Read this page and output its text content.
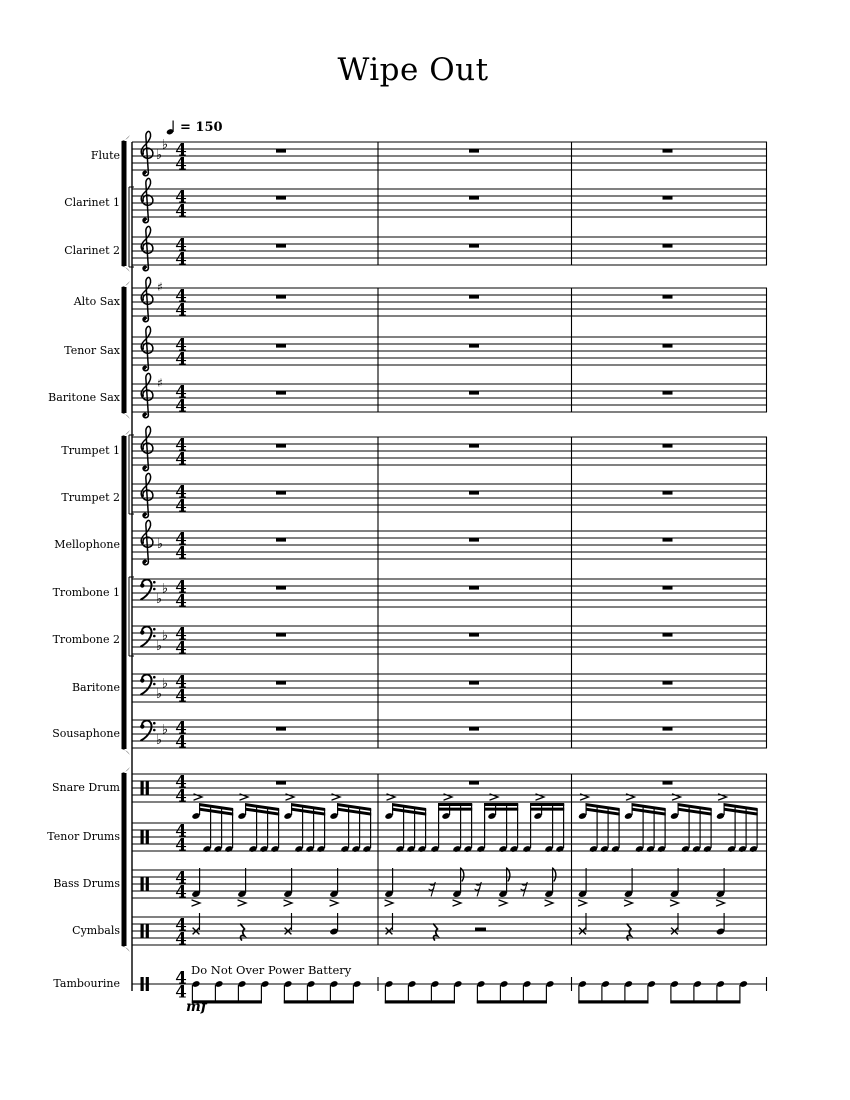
Wipe Out
= 150
Flute
Clarinet 1
Clarinet 2
Alto Sax
Tenor Sax
Baritone Sax
Trumpet 1
Trumpet 2
Mellophone
Trombone 1
Trombone 2
Baritone
Sousaphone
Snare Drum
Tenor Drums
Bass Drums
Cymbals
Tambourine
♭
♭ 4
4
4
4
4
4
♯ 4
4
4
4
♯ 4
4
4
4
4
4
♭ 4
4
♭
♭ 4
4
♭
♭ 4
4
♭
♭ 4
4
♭
♭ 4
4
4
4
4
4
4
4
4
4
4
4
Do Not Over Power Battery
mf
